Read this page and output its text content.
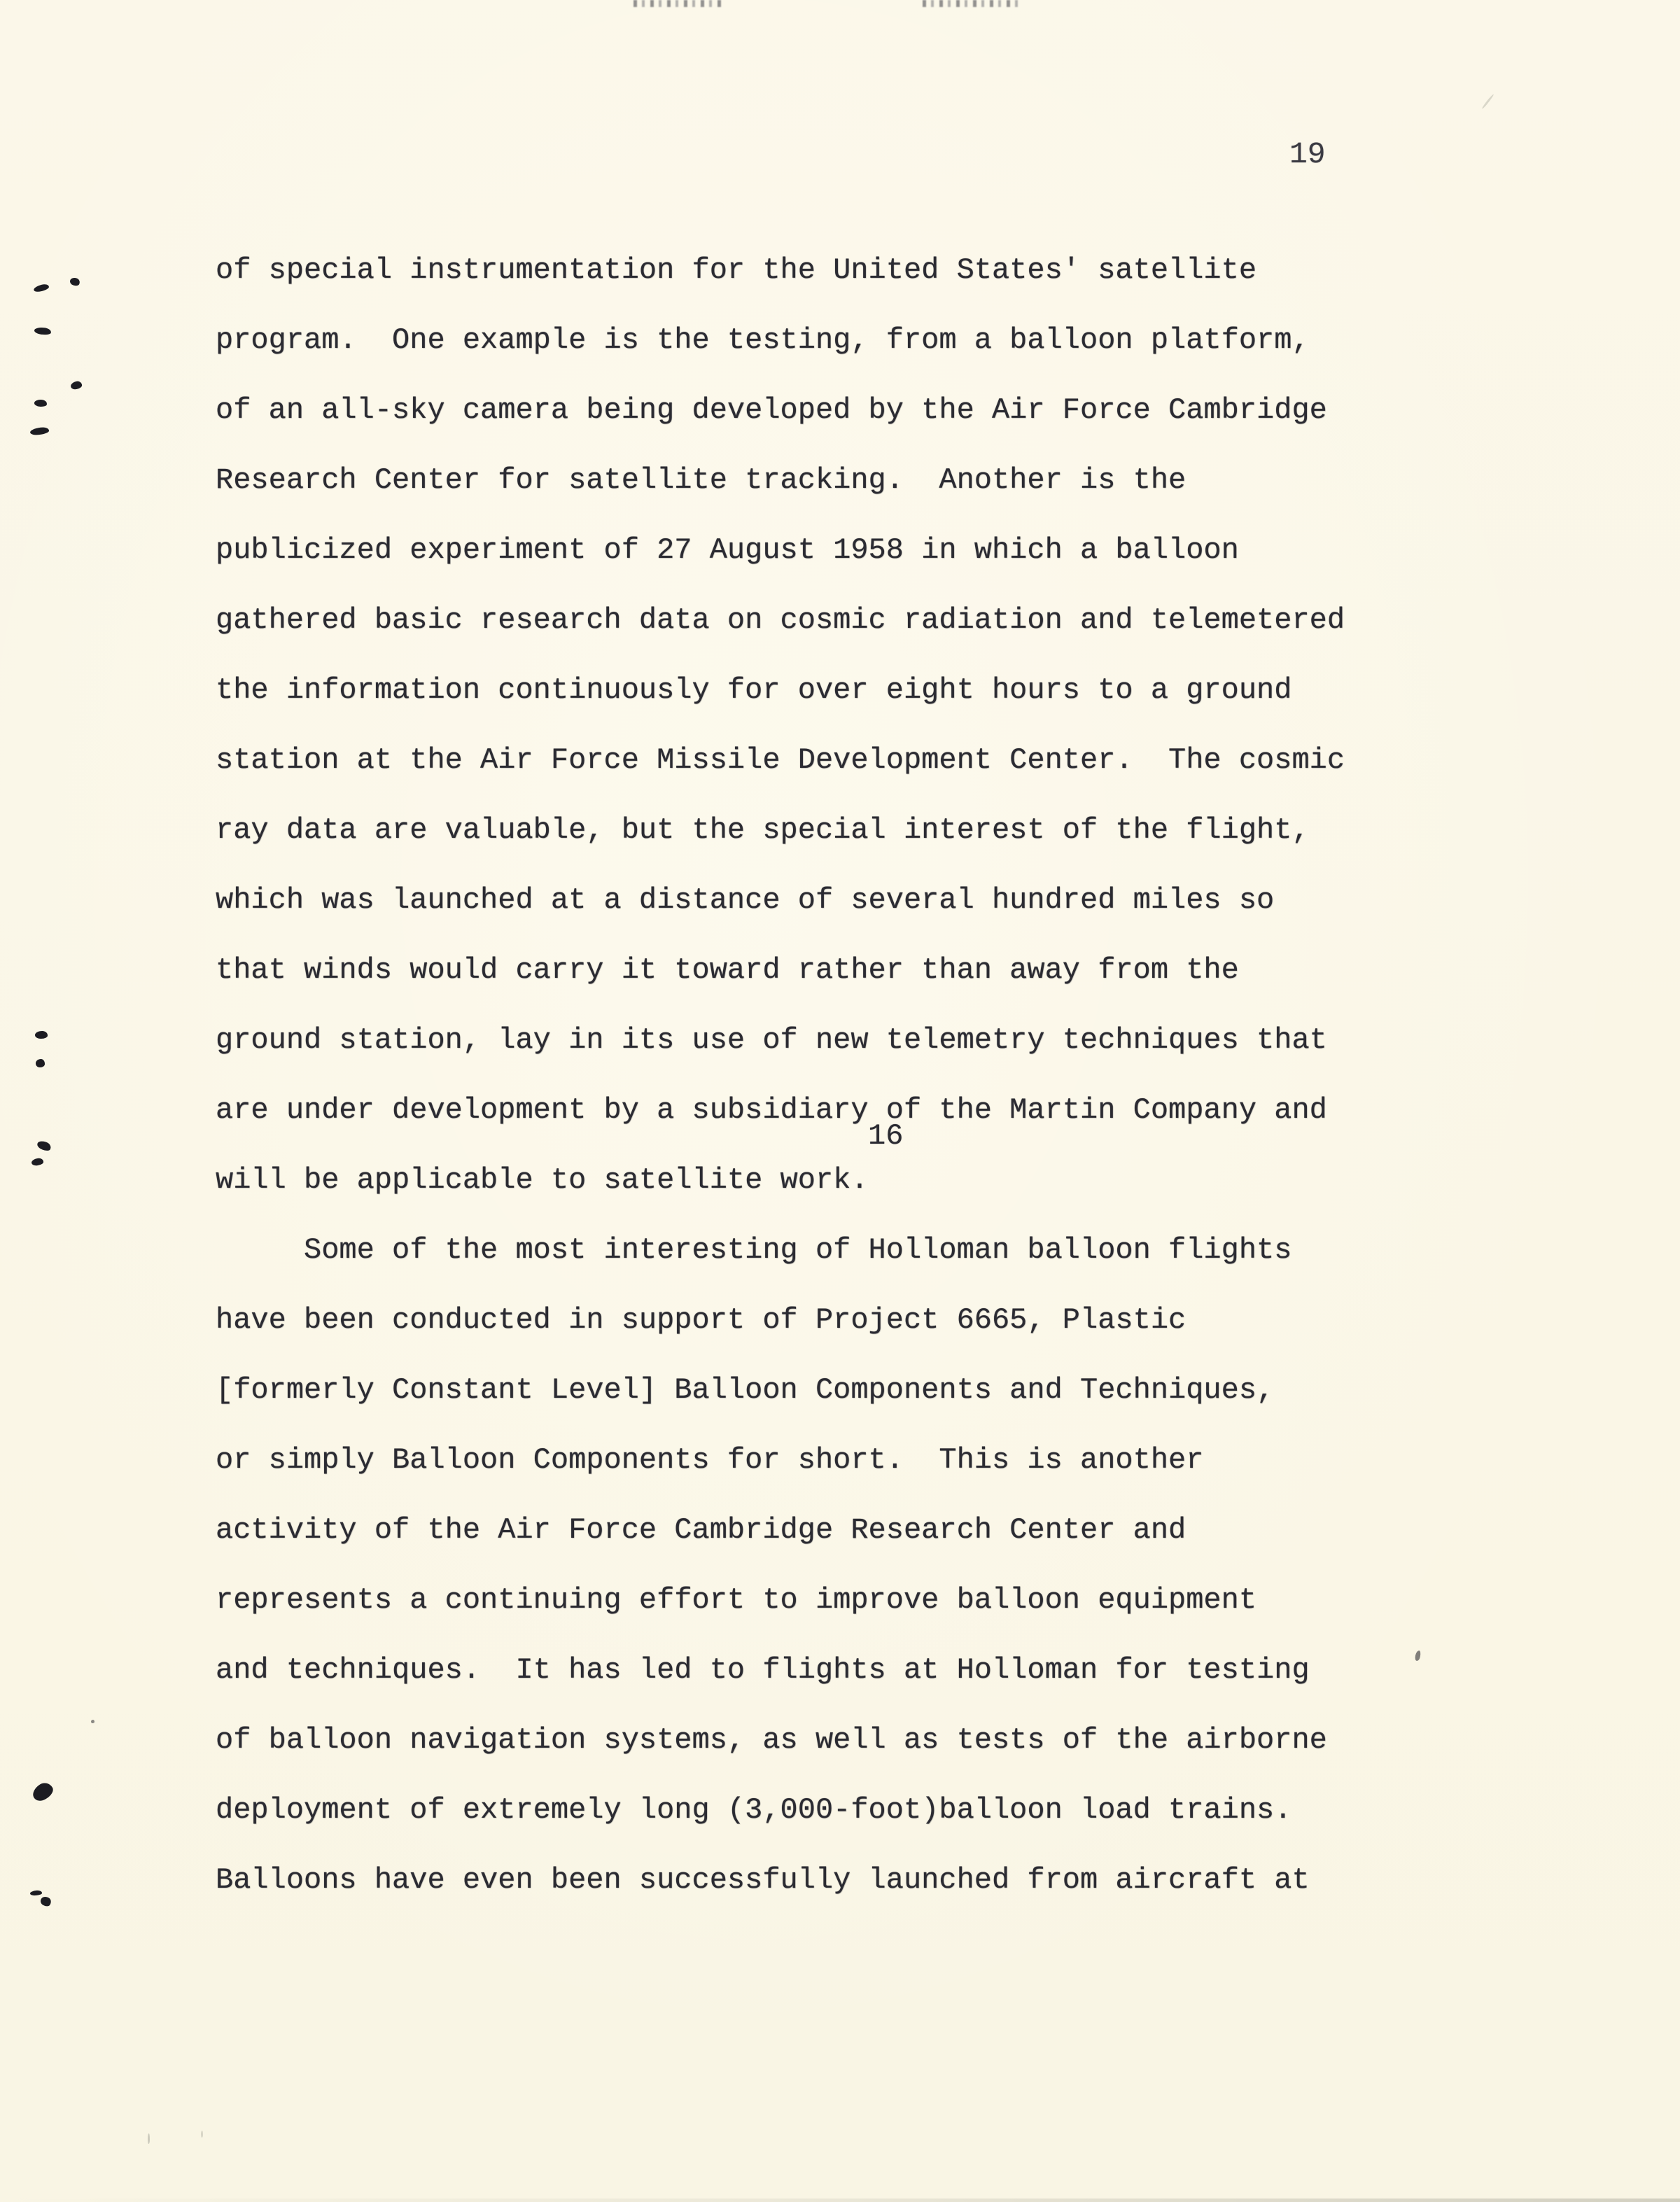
19
of special instrumentation for the United States' satellite
program.  One example is the testing, from a balloon platform,
of an all-sky camera being developed by the Air Force Cambridge
Research Center for satellite tracking.  Another is the
publicized experiment of 27 August 1958 in which a balloon
gathered basic research data on cosmic radiation and telemetered
the information continuously for over eight hours to a ground
station at the Air Force Missile Development Center.  The cosmic
ray data are valuable, but the special interest of the flight,
which was launched at a distance of several hundred miles so
that winds would carry it toward rather than away from the
ground station, lay in its use of new telemetry techniques that
are under development by a subsidiary of the Martin Company and
will be applicable to satellite work.
Some of the most interesting of Holloman balloon flights
have been conducted in support of Project 6665, Plastic
[formerly Constant Level] Balloon Components and Techniques,
or simply Balloon Components for short.  This is another
activity of the Air Force Cambridge Research Center and
represents a continuing effort to improve balloon equipment
and techniques.  It has led to flights at Holloman for testing
of balloon navigation systems, as well as tests of the airborne
deployment of extremely long (3,000-foot)balloon load trains.
Balloons have even been successfully launched from aircraft at
16
